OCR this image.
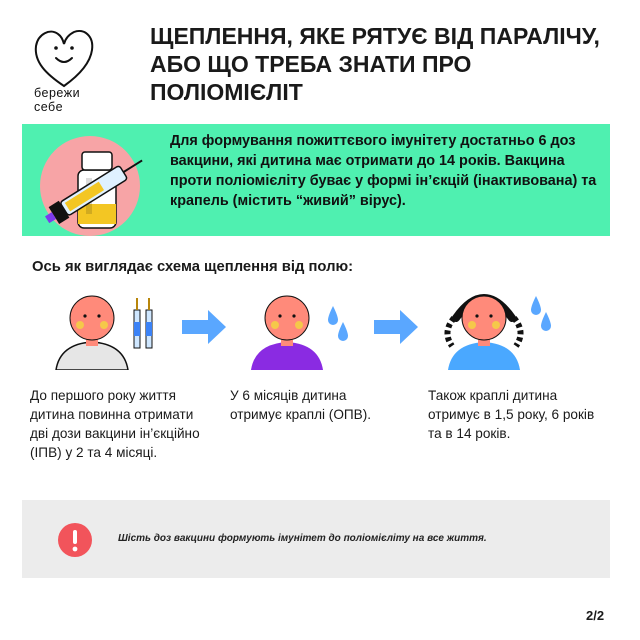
бережи
себе
ЩЕПЛЕННЯ, ЯКЕ РЯТУЄ ВІД ПАРАЛІЧУ, АБО ЩО ТРЕБА ЗНАТИ ПРО ПОЛІОМІЄЛІТ
Для формування пожиттєвого імунітету достатньо 6 доз вакцини, які дитина має отримати до 14 років. Вакцина проти поліомієліту буває у формі ін’єкцій (інактивована) та крапель (містить “живий” вірус).
Ось як виглядає схема щеплення від полю:
До першого року життя дитина повинна отримати дві дози вакцини ін’єкційно (ІПВ) у 2 та 4 місяці.
У 6 місяців дитина отримує краплі (ОПВ).
Також краплі дитина отримує в 1,5 року, 6 років та в 14 років.
Шість доз вакцини формують імунітет до поліомієліту на все життя.
2/2
